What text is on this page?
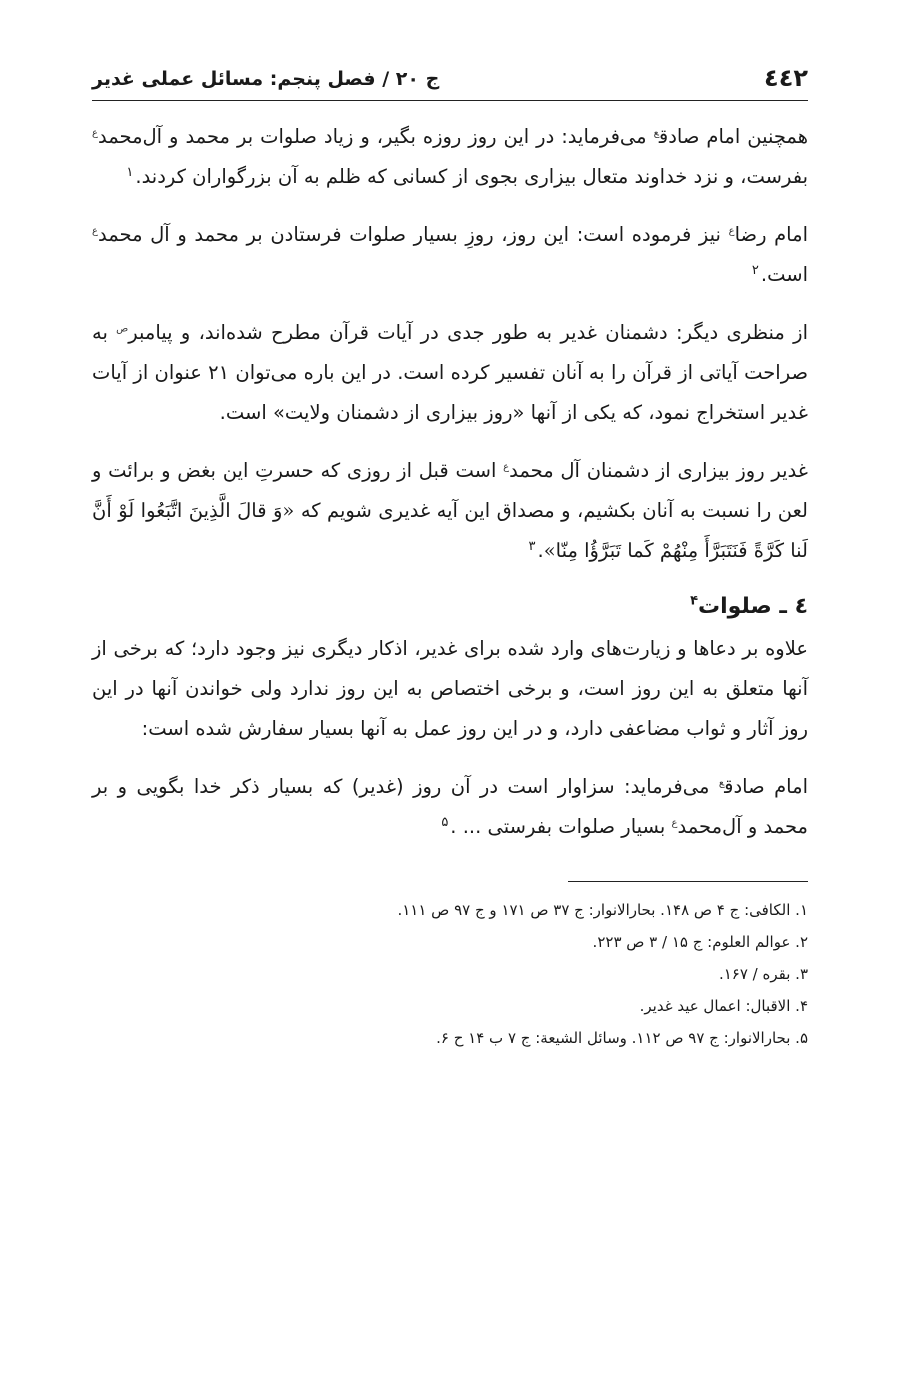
٤٤٢
ج ۲۰ / فصل پنجم: مسائل عملی غدیر

همچنین امام صادق$^ع$ می‌فرماید: در این روز روزه بگیر، و زیاد صلوات بر محمد و آل‌محمد$^ع$ بفرست، و نزد خداوند متعال بیزاری بجوی از کسانی که ظلم به آن بزرگواران کردند.$^۱$

امام رضا$^ع$ نیز فرموده است: این روز، روزِ بسیار صلوات فرستادن بر محمد و آل محمد$^ع$ است.$^۲$

از منظری دیگر: دشمنان غدیر به طور جدی در آیات قرآن مطرح شده‌اند، و پیامبر$^ص$ به صراحت آیاتی از قرآن را به آنان تفسیر کرده است. در این باره می‌توان ۲۱ عنوان از آیات غدیر استخراج نمود، که یکی از آنها «روز بیزاری از دشمنان ولایت» است.

غدیر روز بیزاری از دشمنان آل محمد$^ع$ است قبل از روزی که حسرتِ این بغض و برائت و لعن را نسبت به آنان بکشیم، و مصداق این آیه غدیری شویم که «وَ قالَ الَّذِینَ اتَّبَعُوا لَوْ أَنَّ لَنا کَرَّةً فَنَتَبَرَّأَ مِنْهُمْ کَما تَبَرَّؤُا مِنّا».$^۳$

٤ ـ صلوات$^۴$

علاوه بر دعاها و زیارت‌های وارد شده برای غدیر، اذکار دیگری نیز وجود دارد؛ که برخی از آنها متعلق به این روز است، و برخی اختصاص به این روز ندارد ولی خواندن آنها در این روز آثار و ثواب مضاعفی دارد، و در این روز عمل به آنها بسیار سفارش شده است:

امام صادق$^ع$ می‌فرماید: سزاوار است در آن روز (غدیر) که بسیار ذکر خدا بگویی و بر محمد و آل‌محمد$^ع$ بسیار صلوات بفرستی ... .$^۵$

۱. الکافی: ج ۴ ص ۱۴۸. بحارالانوار: ج ۳۷ ص ۱۷۱ و ج ۹۷ ص ۱۱۱.

۲. عوالم العلوم: ج ۱۵ / ۳ ص ۲۲۳.

۳. بقره / ۱۶۷.

۴. الاقبال: اعمال عید غدیر.

۵. بحارالانوار: ج ۹۷ ص ۱۱۲. وسائل الشیعة: ج ۷ ب ۱۴ ح ۶.
